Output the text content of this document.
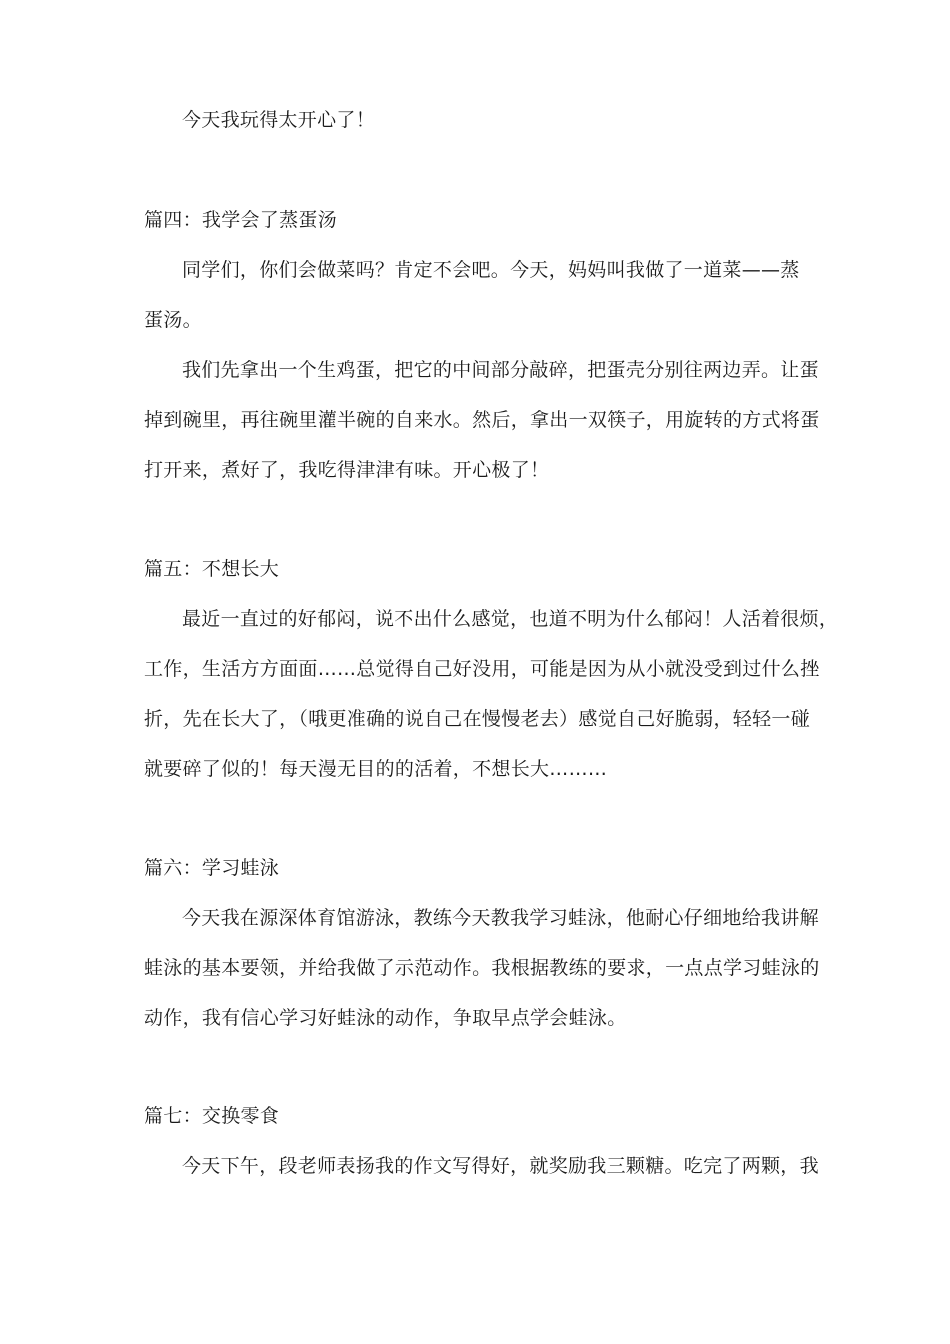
今天我玩得太开心了！
篇四：我学会了蒸蛋汤
同学们，你们会做菜吗？肯定不会吧。今天，妈妈叫我做了一道菜——蒸
蛋汤。
我们先拿出一个生鸡蛋，把它的中间部分敲碎，把蛋壳分别往两边弄。让蛋
掉到碗里，再往碗里灌半碗的自来水。然后，拿出一双筷子，用旋转的方式将蛋
打开来，煮好了，我吃得津津有味。开心极了！
篇五：不想长大
最近一直过的好郁闷，说不出什么感觉，也道不明为什么郁闷！人活着很烦，
工作，生活方方面面……总觉得自己好没用，可能是因为从小就没受到过什么挫
折，先在长大了，（哦更准确的说自己在慢慢老去）感觉自己好脆弱，轻轻一碰
就要碎了似的！每天漫无目的的活着，不想长大………
篇六：学习蛙泳
今天我在源深体育馆游泳，教练今天教我学习蛙泳，他耐心仔细地给我讲解
蛙泳的基本要领，并给我做了示范动作。我根据教练的要求，一点点学习蛙泳的
动作，我有信心学习好蛙泳的动作，争取早点学会蛙泳。
篇七：交换零食
今天下午，段老师表扬我的作文写得好，就奖励我三颗糖。吃完了两颗，我
